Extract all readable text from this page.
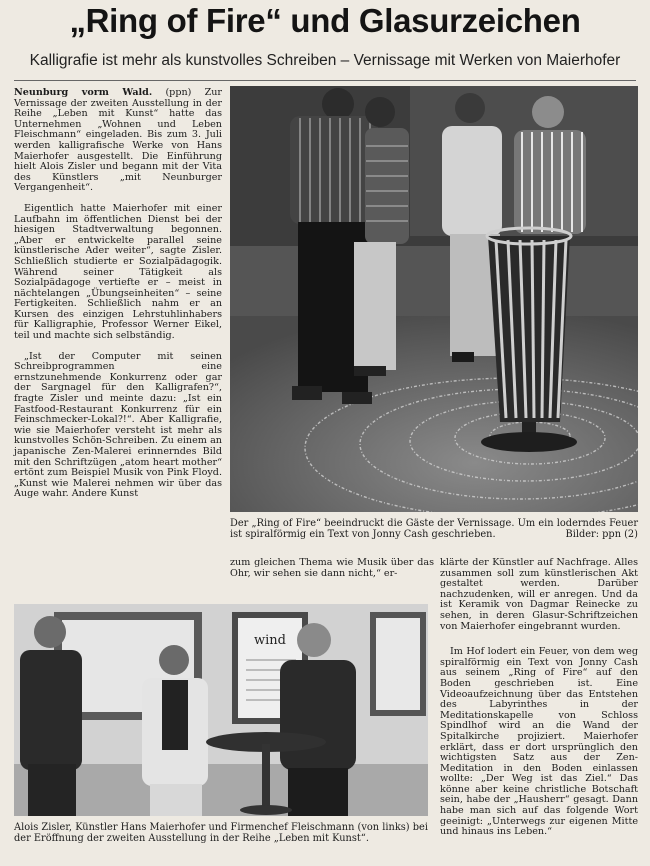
„Ring of Fire“ und Glasurzeichen
Kalligrafie ist mehr als kunstvolles Schreiben – Vernissage mit Werken von Maierhofer

Neunburg vorm Wald. (ppn) Zur Vernissage der zweiten Ausstellung in der Reihe „Leben mit Kunst“ hatte das Unternehmen „Wohnen und Leben Fleischmann“ eingeladen. Bis zum 3. Juli werden kalligrafische Werke von Hans Maierhofer ausgestellt. Die Einführung hielt Alois Zisler und begann mit der Vita des Künstlers „mit Neunburger Vergangenheit“.

Eigentlich hatte Maierhofer mit einer Laufbahn im öffentlichen Dienst bei der hiesigen Stadtverwaltung begonnen. „Aber er entwickelte parallel seine künstlerische Ader weiter“, sagte Zisler. Schließlich studierte er Sozialpädagogik. Während seiner Tätigkeit als Sozialpädagoge vertiefte er – meist in nächtelangen „Übungseinheiten“ – seine Fertigkeiten. Schließlich nahm er an Kursen des einzigen Lehrstuhlinhabers für Kalligraphie, Professor Werner Eikel, teil und machte sich selbständig.

„Ist der Computer mit seinen Schreibprogrammen eine ernstzunehmende Konkurrenz oder gar der Sargnagel für den Kalligrafen?“, fragte Zisler und meinte dazu: „Ist ein Fastfood-Restaurant Konkurrenz für ein Feinschmecker-Lokal?!“. Aber Kalligrafie, wie sie Maierhofer versteht ist mehr als kunstvolles Schön-Schreiben. Zu einem an japanische Zen-Malerei erinnerndes Bild mit den Schriftzügen „atom heart mother“ ertönt zum Beispiel Musik von Pink Floyd. „Kunst wie Malerei nehmen wir über das Auge wahr. Andere Kunst

Der „Ring of Fire“ beeindruckt die Gäste der Vernissage. Um ein loderndes Feuer ist spiralförmig ein Text von Jonny Cash geschrieben.	Bilder: ppn (2)

zum gleichen Thema wie Musik über das Ohr, wir sehen sie dann nicht,“ er-

klärte der Künstler auf Nachfrage. Alles zusammen soll zum künstlerischen Akt gestaltet werden. Darüber nachzudenken, will er anregen. Und da ist Keramik von Dagmar Reinecke zu sehen, in deren Glasur-Schriftzeichen von Maierhofer eingebrannt wurden.

Im Hof lodert ein Feuer, von dem weg spiralförmig ein Text von Jonny Cash aus seinem „Ring of Fire“ auf den Boden geschrieben ist. Eine Videoaufzeichnung über das Entstehen des Labyrinthes in der Meditationskapelle von Schloss Spindlhof wird an die Wand der Spitalkirche projiziert. Maierhofer erklärt, dass er dort ursprünglich den wichtigsten Satz aus der Zen-Meditation in den Boden einlassen wollte: „Der Weg ist das Ziel.“ Das könne aber keine christliche Botschaft sein, habe der „Hausherr“ gesagt. Dann habe man sich auf das folgende Wort geeinigt: „Unterwegs zur eigenen Mitte und hinaus ins Leben.“

wind
Alois Zisler, Künstler Hans Maierhofer und Firmenchef Fleischmann (von links) bei der Eröffnung der zweiten Ausstellung in der Reihe „Leben mit Kunst“.
